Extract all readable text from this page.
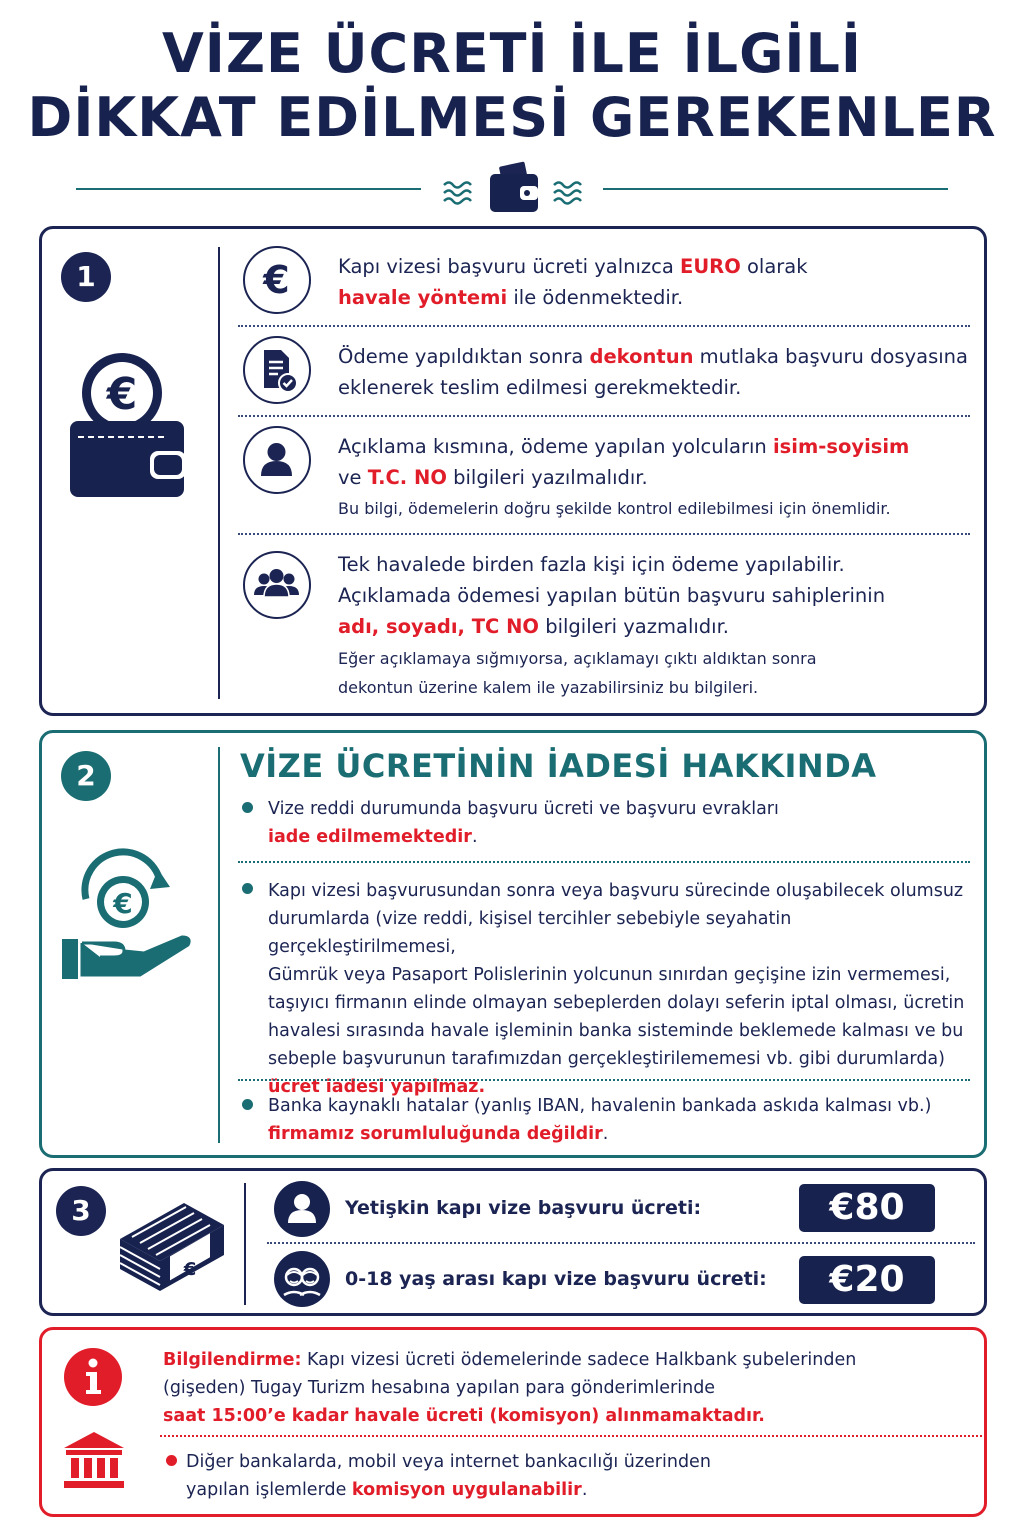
VİZE ÜCRETİ İLE İLGİLİ
DİKKAT EDİLMESİ GEREKENLER
1
€
€ Kapı vizesi başvuru ücreti yalnızca EURO olarak
havale yöntemi ile ödenmektedir.
Ödeme yapıldıktan sonra dekontun mutlaka başvuru dosyasına
eklenerek teslim edilmesi gerekmektedir.
Açıklama kısmına, ödeme yapılan yolcuların isim-soyisim
ve T.C. NO bilgileri yazılmalıdır.
Bu bilgi, ödemelerin doğru şekilde kontrol edilebilmesi için önemlidir.
Tek havalede birden fazla kişi için ödeme yapılabilir.
Açıklamada ödemesi yapılan bütün başvuru sahiplerinin
adı, soyadı, TC NO bilgileri yazmalıdır.
Eğer açıklamaya sığmıyorsa, açıklamayı çıktı aldıktan sonra
dekontun üzerine kalem ile yazabilirsiniz bu bilgileri.
2
€
VİZE ÜCRETİNİN İADESİ HAKKINDA
Vize reddi durumunda başvuru ücreti ve başvuru evrakları
iade edilmemektedir.
Kapı vizesi başvurusundan sonra veya başvuru sürecinde oluşabilecek olumsuz
durumlarda (vize reddi, kişisel tercihler sebebiyle seyahatin gerçekleştirilmemesi,
Gümrük veya Pasaport Polislerinin yolcunun sınırdan geçişine izin vermemesi,
taşıyıcı firmanın elinde olmayan sebeplerden dolayı seferin iptal olması, ücretin
havalesi sırasında havale işleminin banka sisteminde beklemede kalması ve bu
sebeple başvurunun tarafımızdan gerçekleştirilememesi vb. gibi durumlarda)
ücret iadesi yapılmaz.
Banka kaynaklı hatalar (yanlış IBAN, havalenin bankada askıda kalması vb.)
firmamız sorumluluğunda değildir.
3
€
Yetişkin kapı vize başvuru ücreti:	€80
0-18 yaş arası kapı vize başvuru ücreti:	€20
Bilgilendirme: Kapı vizesi ücreti ödemelerinde sadece Halkbank şubelerinden
(gişeden) Tugay Turizm hesabına yapılan para gönderimlerinde
saat 15:00’e kadar havale ücreti (komisyon) alınmamaktadır.
Diğer bankalarda, mobil veya internet bankacılığı üzerinden
yapılan işlemlerde komisyon uygulanabilir.
